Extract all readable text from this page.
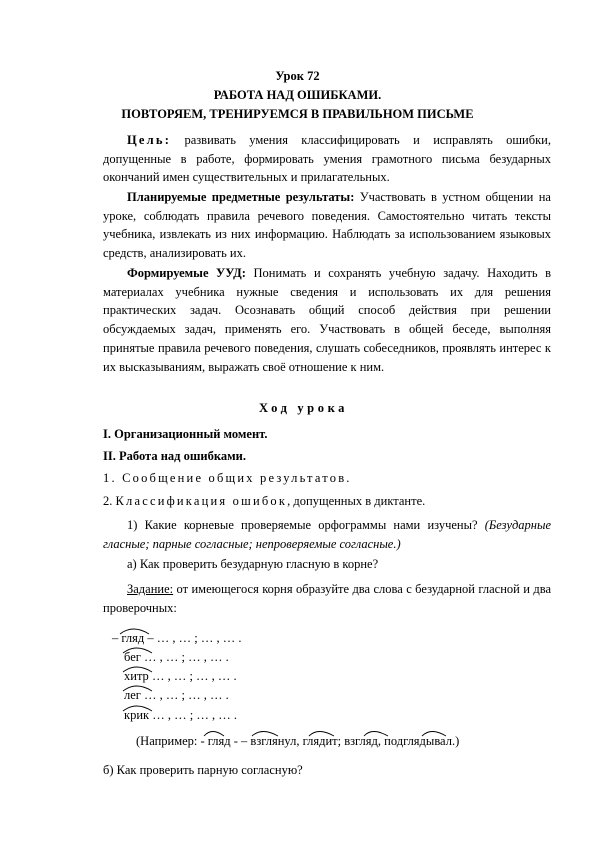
Урок 72
РАБОТА НАД ОШИБКАМИ.
ПОВТОРЯЕМ, ТРЕНИРУЕМСЯ В ПРАВИЛЬНОМ ПИСЬМЕ
Цель: развивать умения классифицировать и исправлять ошибки, допущенные в работе, формировать умения грамотного письма безударных окончаний имен существительных и прилагательных.
Планируемые предметные результаты: Участвовать в устном общении на уроке, соблюдать правила речевого поведения. Самостоятельно читать тексты учебника, извлекать из них информацию. Наблюдать за использованием языковых средств, анализировать их.
Формируемые УУД: Понимать и сохранять учебную задачу. Находить в материалах учебника нужные сведения и использовать их для решения практических задач. Осознавать общий способ действия при решении обсуждаемых задач, применять его. Участвовать в общей беседе, выполняя принятые правила речевого поведения, слушать собеседников, проявлять интерес к их высказываниям, выражать своё отношение к ним.
Ход урока
I. Организационный момент.
II. Работа над ошибками.
1. Сообщение общих результатов.
2. Классификация ошибок, допущенных в диктанте.
1) Какие корневые проверяемые орфограммы нами изучены? (Безударные гласные; парные согласные; непроверяемые согласные.)
а) Как проверить безударную гласную в корне?
Задание: от имеющегося корня образуйте два слова с безударной гласной и два проверочных:
– гляд
– … , … ; … , … .
бег
… , … ; … , … .
хитр
… , … ; … , … .
лег
… , … ; … , … .
крик
… , … ; … , … .
(Например: - гляд - – взглянул, глядит; взгляд, подглядывал.)
б) Как проверить парную согласную?
